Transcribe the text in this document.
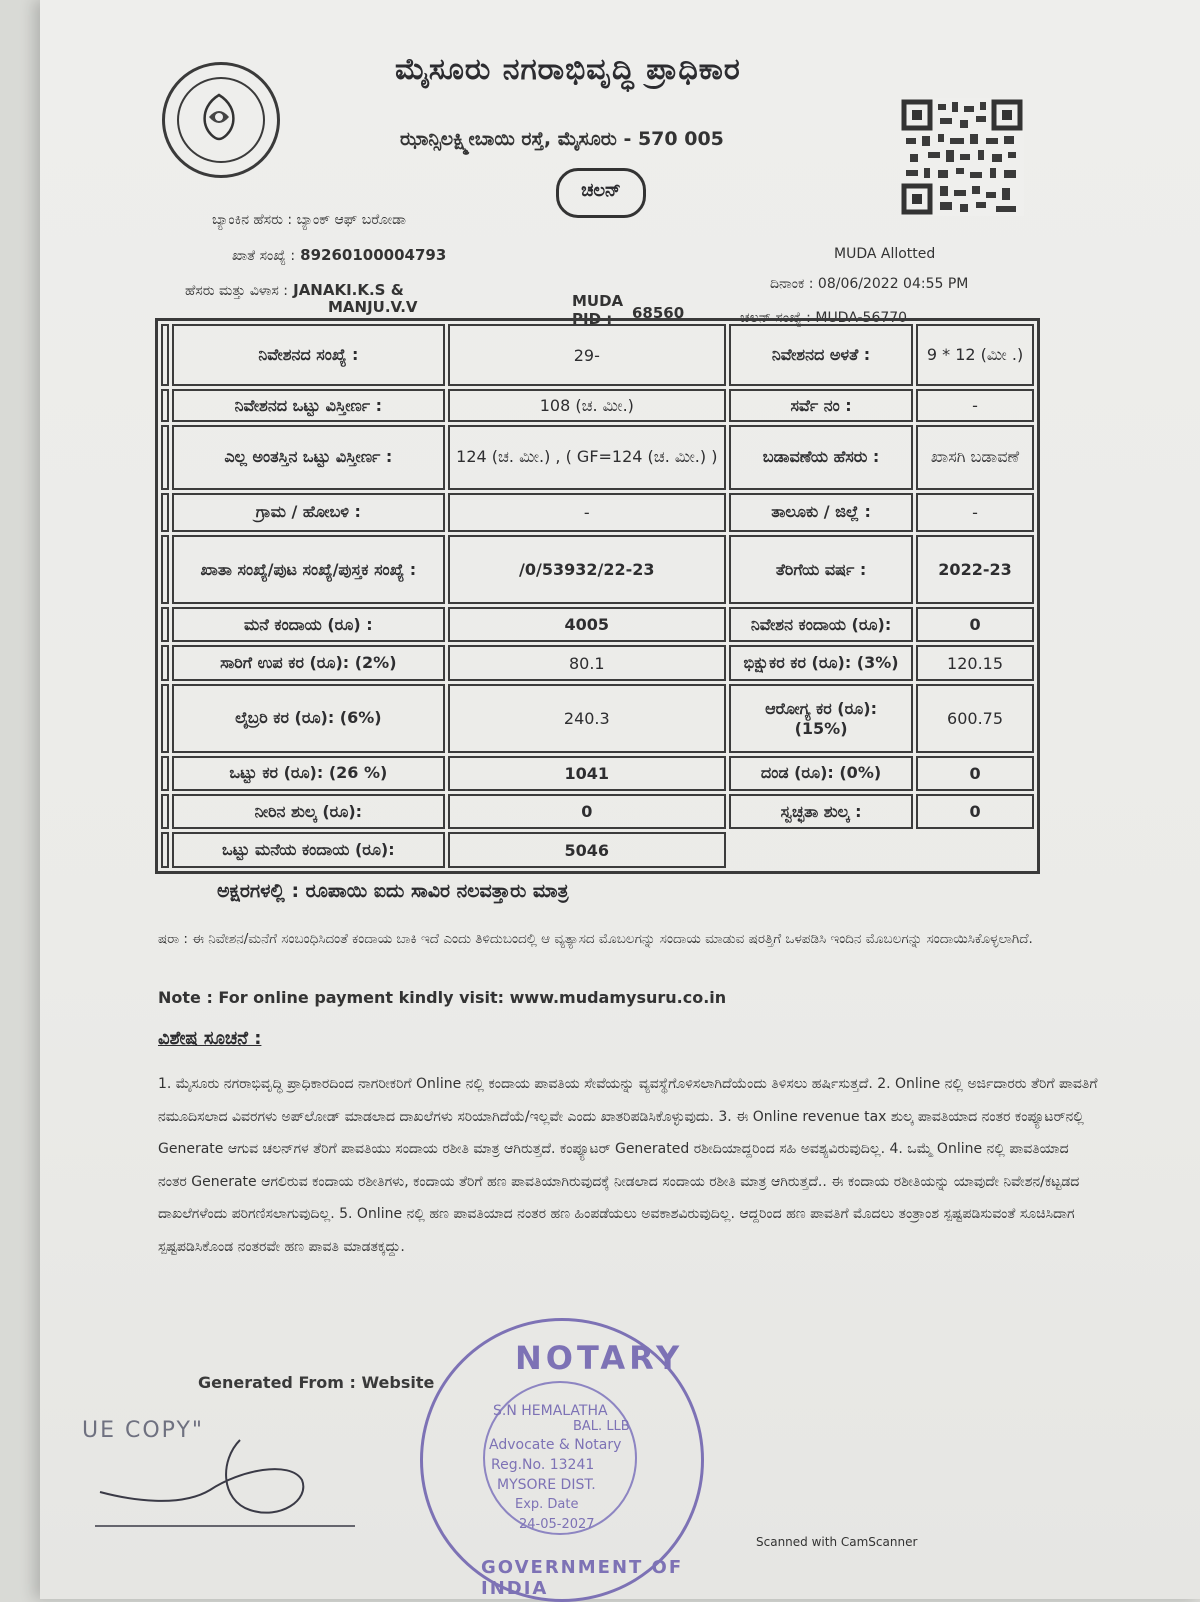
ಮೈಸೂರು ನಗರಾಭಿವೃದ್ಧಿ ಪ್ರಾಧಿಕಾರ
ಝಾನ್ಸಿಲಕ್ಷ್ಮೀಬಾಯಿ ರಸ್ತೆ, ಮೈಸೂರು - 570 005
ಚಲನ್
ಬ್ಯಾಂಕಿನ ಹೆಸರು : ಬ್ಯಾಂಕ್ ಆಫ್ ಬರೋಡಾ
ಖಾತೆ ಸಂಖ್ಯೆ : 89260100004793
ಹೆಸರು ಮತ್ತು ವಿಳಾಸ : JANAKI.K.S &
MANJU.V.V	MUDA
PID :	68560
MUDA Allotted
ದಿನಾಂಕ : 08/06/2022 04:55 PM
ಚಲನ್ ಸಂಖ್ಯೆ : MUDA-56770
	ನಿವೇಶನದ ಸಂಖ್ಯೆ :	29-	ನಿವೇಶನದ ಅಳತೆ :	9 * 12 (ಮೀ .)
	ನಿವೇಶನದ ಒಟ್ಟು ವಿಸ್ತೀರ್ಣ :	108 (ಚ. ಮೀ.)	ಸರ್ವೆ ನಂ :	-
	ಎಲ್ಲ ಅಂತಸ್ತಿನ ಒಟ್ಟು ವಿಸ್ತೀರ್ಣ :	124 (ಚ. ಮೀ.) , ( GF=124 (ಚ. ಮೀ.) )	ಬಡಾವಣೆಯ ಹೆಸರು :	ಖಾಸಗಿ ಬಡಾವಣೆ
	ಗ್ರಾಮ / ಹೋಬಳಿ :	-	ತಾಲೂಕು / ಜಿಲ್ಲೆ :	-
	ಖಾತಾ ಸಂಖ್ಯೆ/ಪುಟ ಸಂಖ್ಯೆ/ಪುಸ್ತಕ ಸಂಖ್ಯೆ :	/0/53932/22-23	ತೆರಿಗೆಯ ವರ್ಷ :	2022-23
	ಮನೆ ಕಂದಾಯ (ರೂ) :	4005	ನಿವೇಶನ ಕಂದಾಯ (ರೂ):	0
	ಸಾರಿಗೆ ಉಪ ಕರ (ರೂ): (2%)	80.1	ಭಿಕ್ಷುಕರ ಕರ (ರೂ): (3%)	120.15
	ಲೈಬ್ರರಿ ಕರ (ರೂ): (6%)	240.3	ಆರೋಗ್ಯ ಕರ (ರೂ): (15%)	600.75
	ಒಟ್ಟು ಕರ (ರೂ): (26 %)	1041	ದಂಡ (ರೂ): (0%)	0
	ನೀರಿನ ಶುಲ್ಕ (ರೂ):	0	ಸ್ವಚ್ಛತಾ ಶುಲ್ಕ :	0
	ಒಟ್ಟು ಮನೆಯ ಕಂದಾಯ (ರೂ):	5046		
ಅಕ್ಷರಗಳಲ್ಲಿ : ರೂಪಾಯಿ ಐದು ಸಾವಿರ ನಲವತ್ತಾರು ಮಾತ್ರ
ಷರಾ : ಈ ನಿವೇಶನ/ಮನೆಗೆ ಸಂಬಂಧಿಸಿದಂತೆ ಕಂದಾಯ ಬಾಕಿ ಇದೆ ಎಂದು ತಿಳಿದುಬಂದಲ್ಲಿ ಆ ವ್ಯತ್ಯಾಸದ ಮೊಬಲಗನ್ನು ಸಂದಾಯ ಮಾಡುವ ಷರತ್ತಿಗೆ ಒಳಪಡಿಸಿ ಇಂದಿನ ಮೊಬಲಗನ್ನು ಸಂದಾಯಿಸಿಕೊಳ್ಳಲಾಗಿದೆ.
Note : For online payment kindly visit: www.mudamysuru.co.in
ವಿಶೇಷ ಸೂಚನೆ :
1. ಮೈಸೂರು ನಗರಾಭಿವೃದ್ಧಿ ಪ್ರಾಧಿಕಾರದಿಂದ ನಾಗರೀಕರಿಗೆ Online ನಲ್ಲಿ ಕಂದಾಯ ಪಾವತಿಯ ಸೇವೆಯನ್ನು ವ್ಯವಸ್ಥೆಗೊಳಿಸಲಾಗಿದೆಯೆಂದು ತಿಳಿಸಲು ಹರ್ಷಿಸುತ್ತದೆ. 2. Online ನಲ್ಲಿ ಅರ್ಜಿದಾರರು ತೆರಿಗೆ ಪಾವತಿಗೆ ನಮೂದಿಸಲಾದ ವಿವರಗಳು ಅಪ್‌ಲೋಡ್ ಮಾಡಲಾದ ದಾಖಲೆಗಳು ಸರಿಯಾಗಿದೆಯೆ/ಇಲ್ಲವೇ ಎಂದು ಖಾತರಿಪಡಿಸಿಕೊಳ್ಳುವುದು. 3. ಈ Online revenue tax ಶುಲ್ಕ ಪಾವತಿಯಾದ ನಂತರ ಕಂಪ್ಯೂಟರ್‌ನಲ್ಲಿ Generate ಆಗುವ ಚಲನ್‌ಗಳ ತೆರಿಗೆ ಪಾವತಿಯು ಸಂದಾಯ ರಶೀತಿ ಮಾತ್ರ ಆಗಿರುತ್ತದೆ. ಕಂಪ್ಯೂಟರ್ Generated ರಶೀದಿಯಾದ್ದರಿಂದ ಸಹಿ ಅವಶ್ಯವಿರುವುದಿಲ್ಲ. 4. ಒಮ್ಮೆ Online ನಲ್ಲಿ ಪಾವತಿಯಾದ ನಂತರ Generate ಆಗಲಿರುವ ಕಂದಾಯ ರಶೀತಿಗಳು, ಕಂದಾಯ ತೆರಿಗೆ ಹಣ ಪಾವತಿಯಾಗಿರುವುದಕ್ಕೆ ನೀಡಲಾದ ಸಂದಾಯ ರಶೀತಿ ಮಾತ್ರ ಆಗಿರುತ್ತದೆ.. ಈ ಕಂದಾಯ ರಶೀತಿಯನ್ನು ಯಾವುದೇ ನಿವೇಶನ/ಕಟ್ಟಡದ ದಾಖಲೆಗಳೆಂದು ಪರಿಗಣಿಸಲಾಗುವುದಿಲ್ಲ. 5. Online ನಲ್ಲಿ ಹಣ ಪಾವತಿಯಾದ ನಂತರ ಹಣ ಹಿಂಪಡೆಯಲು ಅವಕಾಶವಿರುವುದಿಲ್ಲ. ಆದ್ದರಿಂದ ಹಣ ಪಾವತಿಗೆ ಮೊದಲು ತಂತ್ರಾಂಶ ಸ್ಪಷ್ಟಪಡಿಸುವಂತೆ ಸೂಚಿಸಿದಾಗ ಸ್ಪಷ್ಟಪಡಿಸಿಕೊಂಡ ನಂತರವೇ ಹಣ ಪಾವತಿ ಮಾಡತಕ್ಕದ್ದು.
Generated From : Website
UE COPY"
NOTARY
S.N HEMALATHA
BAL. LLB
Advocate & Notary
Reg.No. 13241
MYSORE DIST.
Exp. Date
24-05-2027
GOVERNMENT OF INDIA
Scanned with CamScanner
